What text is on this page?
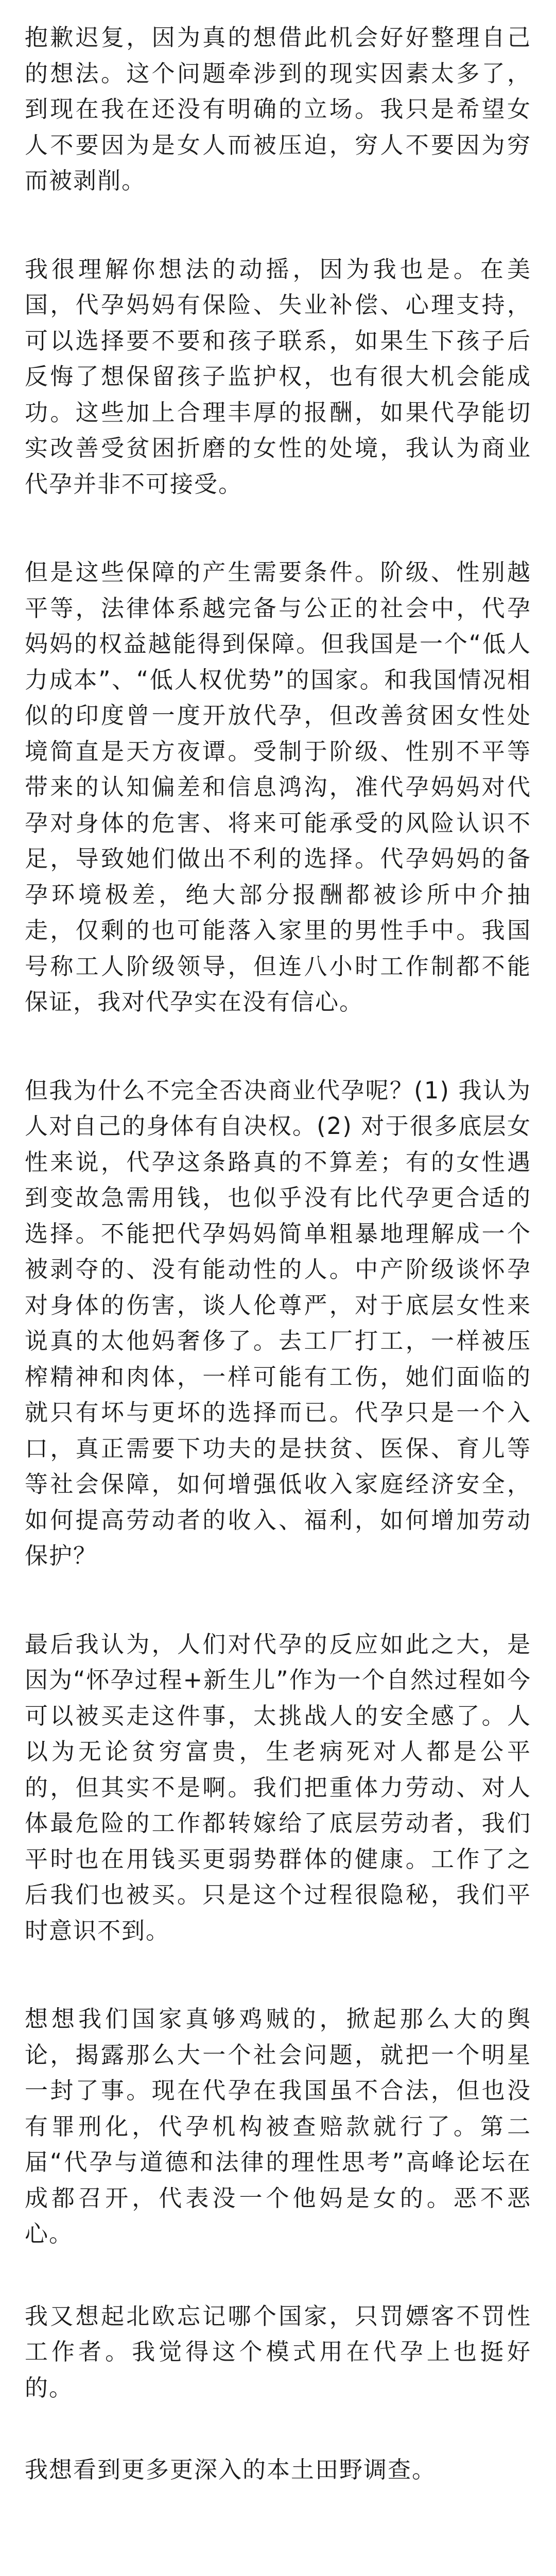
抱歉迟复，因为真的想借此机会好好整理自己的想法。这个问题牵涉到的现实因素太多了，到现在我在还没有明确的立场。我只是希望女人不要因为是女人而被压迫，穷人不要因为穷而被剥削。

我很理解你想法的动摇，因为我也是。在美国，代孕妈妈有保险、失业补偿、心理支持，可以选择要不要和孩子联系，如果生下孩子后反悔了想保留孩子监护权，也有很大机会能成功。这些加上合理丰厚的报酬，如果代孕能切实改善受贫困折磨的女性的处境，我认为商业代孕并非不可接受。

但是这些保障的产生需要条件。阶级、性别越平等，法律体系越完备与公正的社会中，代孕妈妈的权益越能得到保障。但我国是一个“低人力成本”、“低人权优势”的国家。和我国情况相似的印度曾一度开放代孕，但改善贫困女性处境简直是天方夜谭。受制于阶级、性别不平等带来的认知偏差和信息鸿沟，准代孕妈妈对代孕对身体的危害、将来可能承受的风险认识不足，导致她们做出不利的选择。代孕妈妈的备孕环境极差，绝大部分报酬都被诊所中介抽走，仅剩的也可能落入家里的男性手中。我国号称工人阶级领导，但连八小时工作制都不能保证，我对代孕实在没有信心。

但我为什么不完全否决商业代孕呢？(1) 我认为人对自己的身体有自决权。(2) 对于很多底层女性来说，代孕这条路真的不算差；有的女性遇到变故急需用钱，也似乎没有比代孕更合适的选择。不能把代孕妈妈简单粗暴地理解成一个被剥夺的、没有能动性的人。中产阶级谈怀孕对身体的伤害，谈人伦尊严，对于底层女性来说真的太他妈奢侈了。去工厂打工，一样被压榨精神和肉体，一样可能有工伤，她们面临的就只有坏与更坏的选择而已。代孕只是一个入口，真正需要下功夫的是扶贫、医保、育儿等等社会保障，如何增强低收入家庭经济安全，如何提高劳动者的收入、福利，如何增加劳动保护？

最后我认为，人们对代孕的反应如此之大，是因为“怀孕过程+新生儿”作为一个自然过程如今可以被买走这件事，太挑战人的安全感了。人以为无论贫穷富贵，生老病死对人都是公平的，但其实不是啊。我们把重体力劳动、对人体最危险的工作都转嫁给了底层劳动者，我们平时也在用钱买更弱势群体的健康。工作了之后我们也被买。只是这个过程很隐秘，我们平时意识不到。

想想我们国家真够鸡贼的，掀起那么大的舆论，揭露那么大一个社会问题，就把一个明星一封了事。现在代孕在我国虽不合法，但也没有罪刑化，代孕机构被查赔款就行了。第二届“代孕与道德和法律的理性思考”高峰论坛在成都召开，代表没一个他妈是女的。恶不恶心。

我又想起北欧忘记哪个国家，只罚嫖客不罚性工作者。我觉得这个模式用在代孕上也挺好的。

我想看到更多更深入的本土田野调查。
